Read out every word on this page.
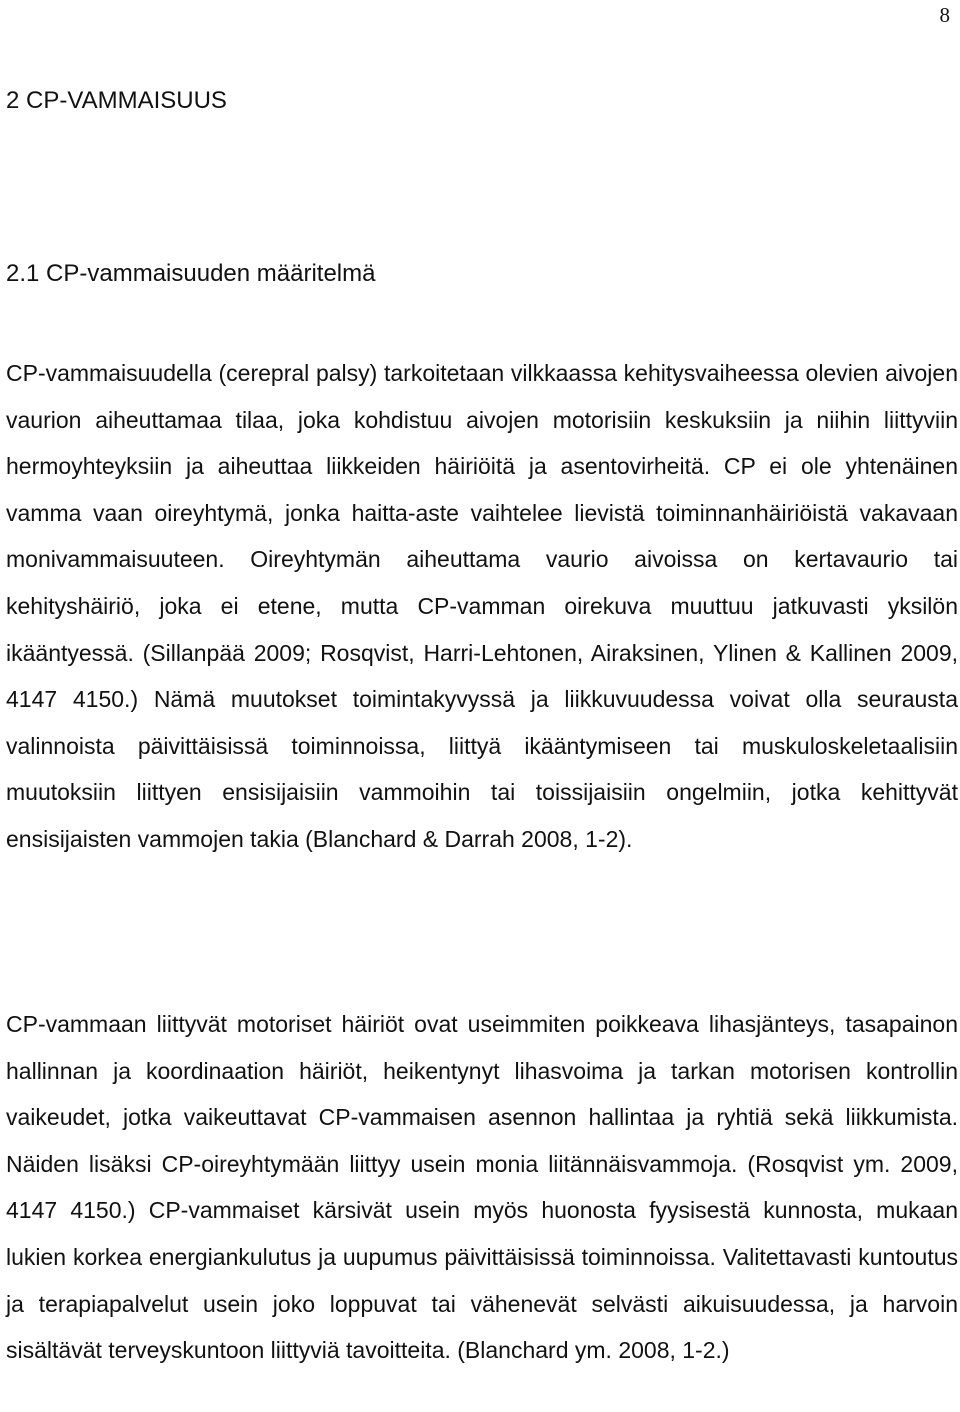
8
2 CP-VAMMAISUUS
2.1 CP-vammaisuuden määritelmä

CP-vammaisuudella (cerepral palsy) tarkoitetaan vilkkaassa kehitysvaiheessa olevien aivojen vaurion aiheuttamaa tilaa, joka kohdistuu aivojen motorisiin keskuksiin ja niihin liittyviin hermoyhteyksiin ja aiheuttaa liikkeiden häiriöitä ja asentovirheitä. CP ei ole yhtenäinen vamma vaan oireyhtymä, jonka haitta-aste vaihtelee lievistä toiminnanhäiriöistä vakavaan monivammaisuuteen. Oireyhtymän aiheuttama vaurio aivoissa on kertavaurio tai kehityshäiriö, joka ei etene, mutta CP-vamman oirekuva muuttuu jatkuvasti yksilön ikääntyessä. (Sillanpää 2009; Rosqvist, Harri-Lehtonen, Airaksinen, Ylinen & Kallinen 2009, 4147 4150.) Nämä muutokset toimintakyvyssä ja liikkuvuudessa voivat olla seurausta valinnoista päivittäisissä toiminnoissa, liittyä ikääntymiseen tai muskuloskeletaalisiin muutoksiin liittyen ensisijaisiin vammoihin tai toissijaisiin ongelmiin, jotka kehittyvät ensisijaisten vammojen takia (Blanchard & Darrah 2008, 1-2).

CP-vammaan liittyvät motoriset häiriöt ovat useimmiten poikkeava lihasjänteys, tasapainon hallinnan ja koordinaation häiriöt, heikentynyt lihasvoima ja tarkan motorisen kontrollin vaikeudet, jotka vaikeuttavat CP-vammaisen asennon hallintaa ja ryhtiä sekä liikkumista. Näiden lisäksi CP-oireyhtymään liittyy usein monia liitännäisvammoja. (Rosqvist ym. 2009, 4147 4150.) CP-vammaiset kärsivät usein myös huonosta fyysisestä kunnosta, mukaan lukien korkea energiankulutus ja uupumus päivittäisissä toiminnoissa. Valitettavasti kuntoutus ja terapiapalvelut usein joko loppuvat tai vähenevät selvästi aikuisuudessa, ja harvoin sisältävät terveyskuntoon liittyviä tavoitteita. (Blanchard ym. 2008, 1-2.)
